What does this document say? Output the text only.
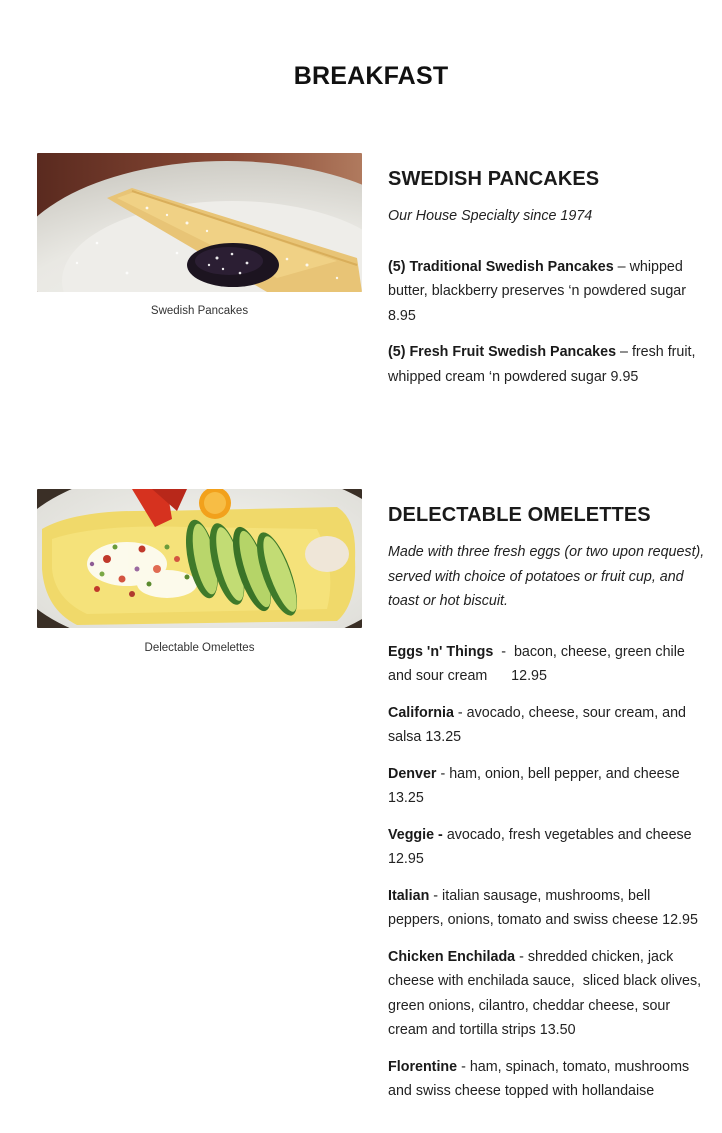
BREAKFAST
Swedish Pancakes
SWEDISH PANCAKES

Our House Specialty since 1974

(5) Traditional Swedish Pancakes – whipped butter, blackberry preserves ‘n powdered sugar 8.95

(5) Fresh Fruit Swedish Pancakes – fresh fruit, whipped cream ‘n powdered sugar 9.95

Delectable Omelettes
DELECTABLE OMELETTES

Made with three fresh eggs (or two upon request), served with choice of potatoes or fruit cup, and toast or hot biscuit.

Eggs 'n' Things  -  bacon, cheese, green chile and sour cream      12.95

California - avocado, cheese, sour cream, and salsa 13.25

Denver - ham, onion, bell pepper, and cheese 13.25

Veggie - avocado, fresh vegetables and cheese 12.95

Italian - italian sausage, mushrooms, bell peppers, onions, tomato and swiss cheese 12.95

Chicken Enchilada - shredded chicken, jack cheese with enchilada sauce,  sliced black olives, green onions, cilantro, cheddar cheese, sour cream and tortilla strips 13.50

Florentine - ham, spinach, tomato, mushrooms and swiss cheese topped with hollandaise
